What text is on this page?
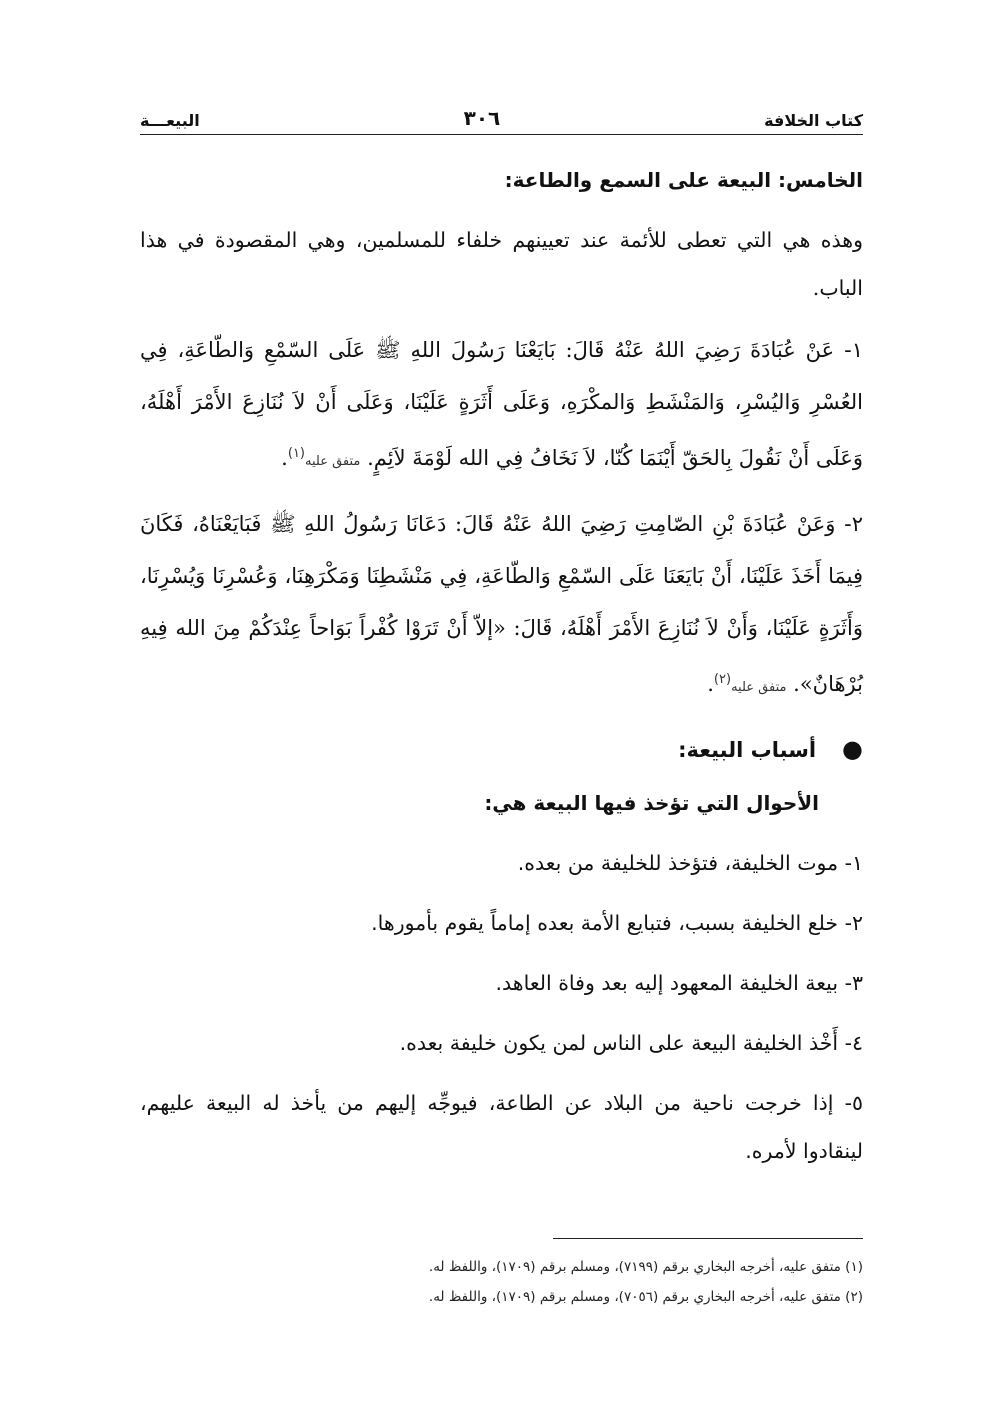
كتاب الخلافة
٣٠٦
البيعـــة
الخامس: البيعة على السمع والطاعة:
وهذه هي التي تعطى للأئمة عند تعيينهم خلفاء للمسلمين، وهي المقصودة في هذا الباب.
١- عَنْ عُبَادَةَ رَضِيَ اللهُ عَنْهُ قَالَ: بَايَعْنَا رَسُولَ اللهِ ﷺ عَلَى السّمْعِ وَالطّاعَةِ، فِي العُسْرِ وَاليُسْرِ، وَالمَنْشَطِ وَالمكْرَهِ، وَعَلَى أَثَرَةٍ عَلَيْنَا، وَعَلَى أَنْ لاَ نُنَازِعَ الأَمْرَ أَهْلَهُ، وَعَلَى أَنْ نَقُولَ بِالحَقّ أَيْنَمَا كُنّا، لاَ نَخَافُ فِي الله لَوْمَةَ لاَئِمٍ. متفق عليه$^{(١)}$.
٢- وَعَنْ عُبَادَةَ بْنِ الصّامِتِ رَضِيَ اللهُ عَنْهُ قَالَ: دَعَانَا رَسُولُ اللهِ ﷺ فَبَايَعْنَاهُ، فَكَانَ فِيمَا أَخَذَ عَلَيْنَا، أَنْ بَايَعَنَا عَلَى السّمْعِ وَالطّاعَةِ، فِي مَنْشَطِنَا وَمَكْرَهِنَا، وَعُسْرِنَا وَيُسْرِنَا، وَأَثَرَةٍ عَلَيْنَا، وَأَنْ لاَ نُنَازِعَ الأَمْرَ أَهْلَهُ، قَالَ: «إلاّ أَنْ تَرَوْا كُفْراً بَوَاحاً عِنْدَكُمْ مِنَ الله فِيهِ بُرْهَانٌ». متفق عليه$^{(٢)}$.
●أسباب البيعة:
الأحوال التي تؤخذ فيها البيعة هي:
١- موت الخليفة، فتؤخذ للخليفة من بعده.
٢- خلع الخليفة بسبب، فتبايع الأمة بعده إماماً يقوم بأمورها.
٣- بيعة الخليفة المعهود إليه بعد وفاة العاهد.
٤- أَخْذ الخليفة البيعة على الناس لمن يكون خليفة بعده.
٥- إذا خرجت ناحية من البلاد عن الطاعة، فيوجِّه إليهم من يأخذ له البيعة عليهم، لينقادوا لأمره.
(١) متفق عليه، أخرجه البخاري برقم (٧١٩٩)، ومسلم برقم (١٧٠٩)، واللفظ له.
(٢) متفق عليه، أخرجه البخاري برقم (٧٠٥٦)، ومسلم برقم (١٧٠٩)، واللفظ له.
